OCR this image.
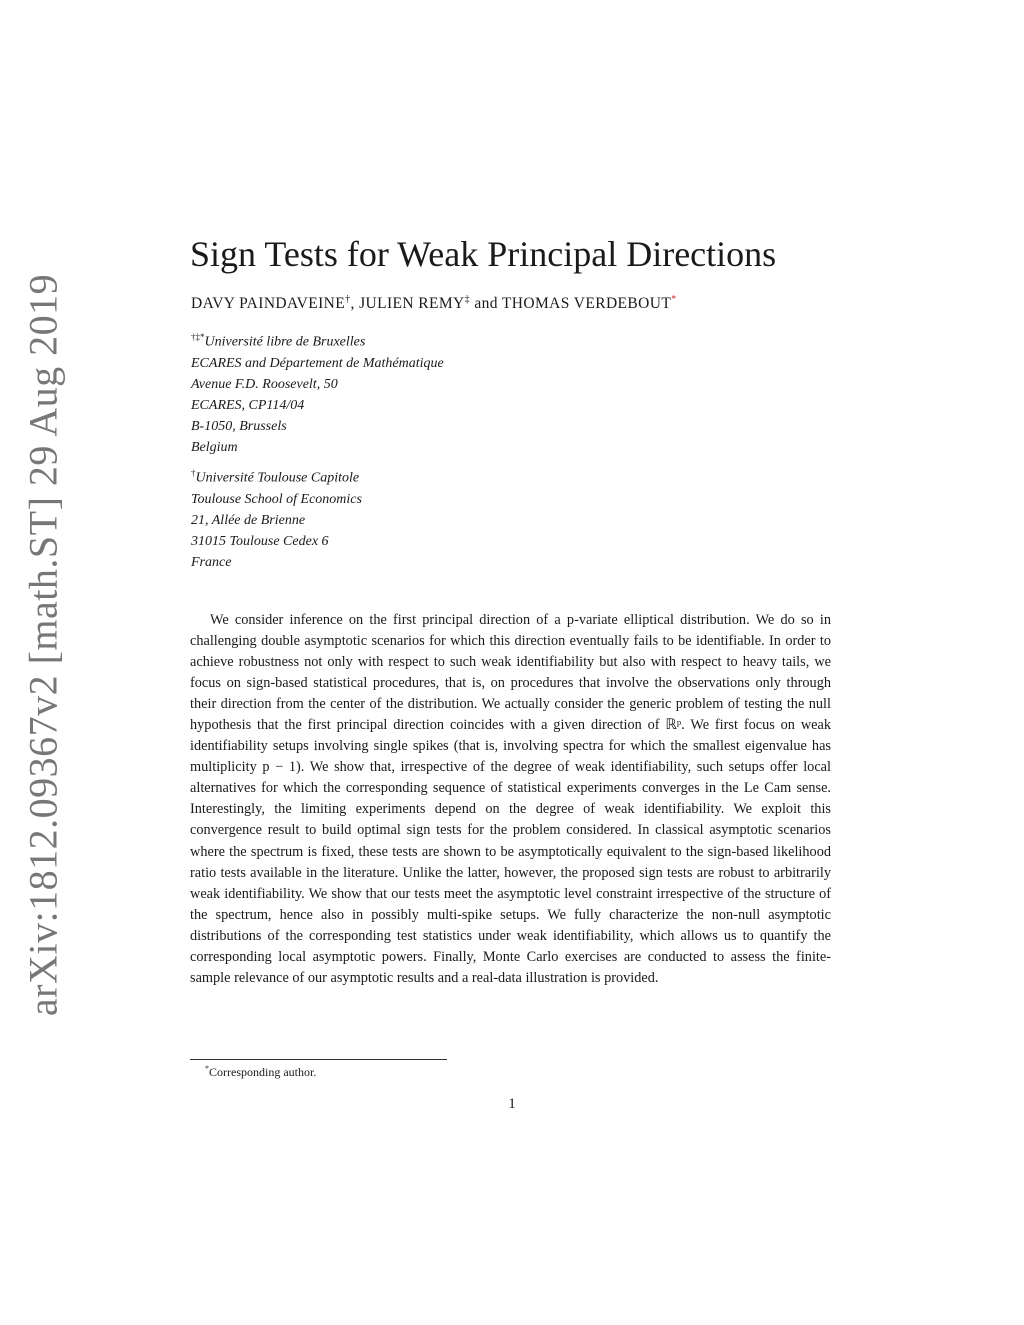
arXiv:1812.09367v2 [math.ST] 29 Aug 2019
Sign Tests for Weak Principal Directions
DAVY PAINDAVEINE†, JULIEN REMY‡ and THOMAS VERDEBOUT*
†‡*Université libre de Bruxelles
ECARES and Département de Mathématique
Avenue F.D. Roosevelt, 50
ECARES, CP114/04
B-1050, Brussels
Belgium
†Université Toulouse Capitole
Toulouse School of Economics
21, Allée de Brienne
31015 Toulouse Cedex 6
France

We consider inference on the first principal direction of a p-variate elliptical distribution. We do so in challenging double asymptotic scenarios for which this direction eventually fails to be identifiable. In order to achieve robustness not only with respect to such weak identifiability but also with respect to heavy tails, we focus on sign-based statistical procedures, that is, on procedures that involve the observations only through their direction from the center of the distribution. We actually consider the generic problem of testing the null hypothesis that the first principal direction coincides with a given direction of ℝᵖ. We first focus on weak identifiability setups involving single spikes (that is, involving spectra for which the smallest eigenvalue has multiplicity p − 1). We show that, irrespective of the degree of weak identifiability, such setups offer local alternatives for which the corresponding sequence of statistical experiments converges in the Le Cam sense. Interestingly, the limiting experiments depend on the degree of weak identifiability. We exploit this convergence result to build optimal sign tests for the problem considered. In classical asymptotic scenarios where the spectrum is fixed, these tests are shown to be asymptotically equivalent to the sign-based likelihood ratio tests available in the literature. Unlike the latter, however, the proposed sign tests are robust to arbitrarily weak identifiability. We show that our tests meet the asymptotic level constraint irrespective of the structure of the spectrum, hence also in possibly multi-spike setups. We fully characterize the non-null asymptotic distributions of the corresponding test statistics under weak identifiability, which allows us to quantify the corresponding local asymptotic powers. Finally, Monte Carlo exercises are conducted to assess the finite-sample relevance of our asymptotic results and a real-data illustration is provided.

*Corresponding author.
1
